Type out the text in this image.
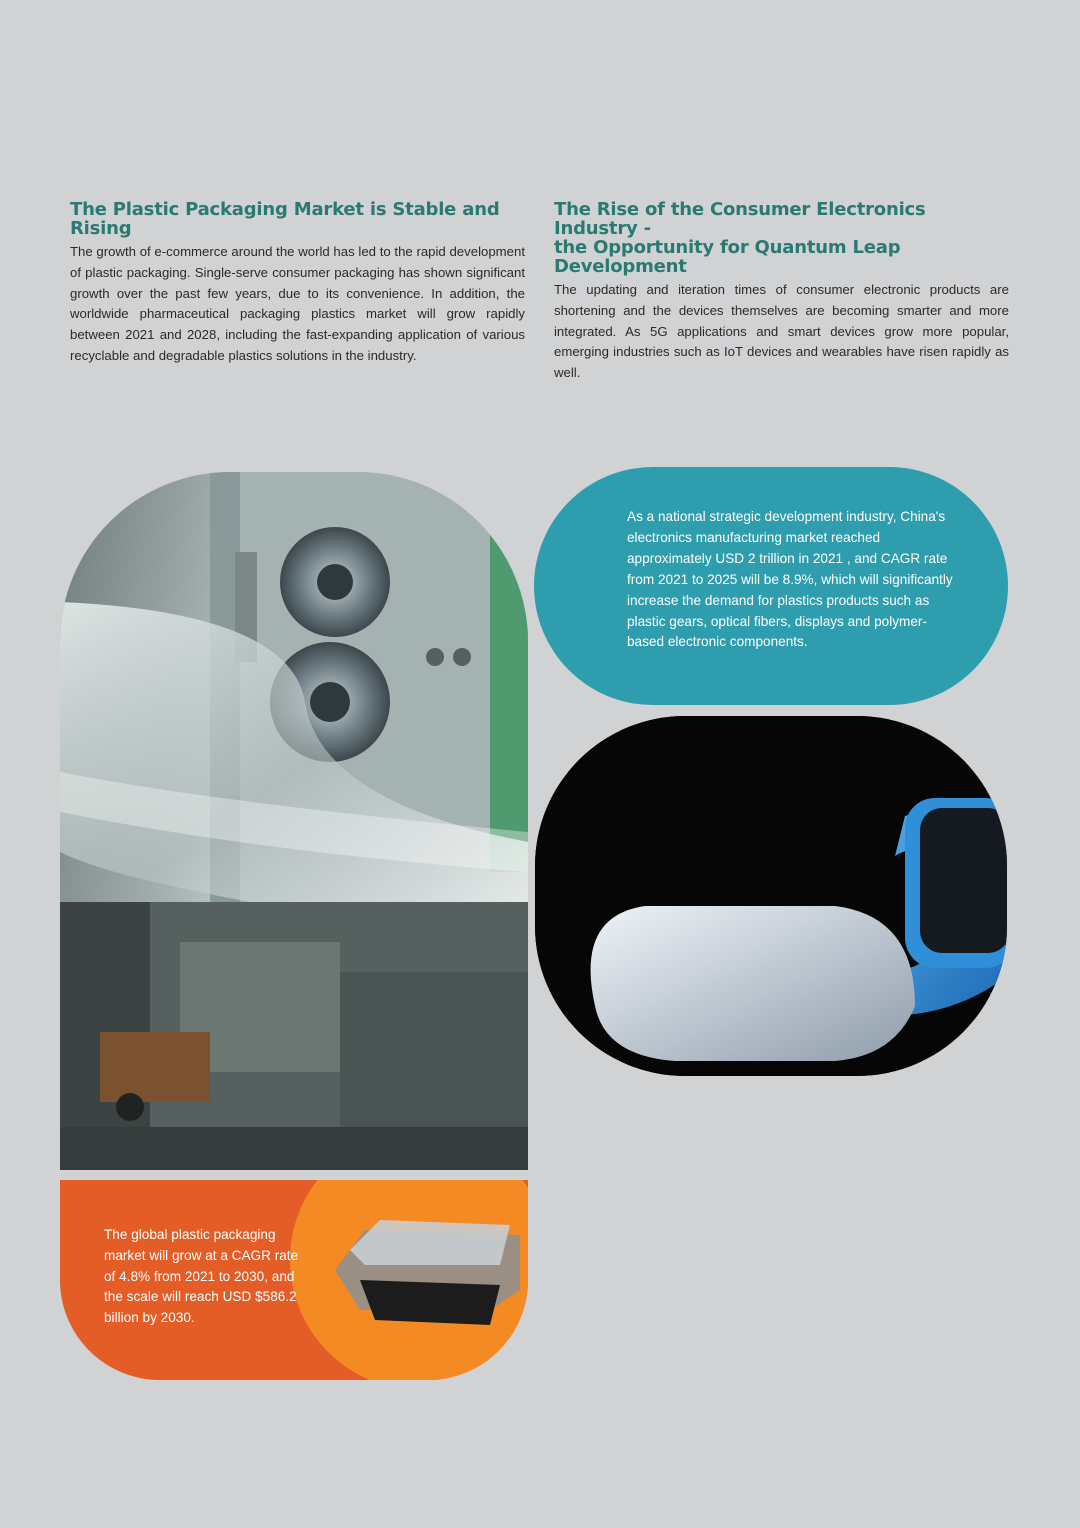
The Plastic Packaging Market is Stable and Rising

The growth of e-commerce around the world has led to the rapid development of plastic packaging. Single-serve consumer packaging has shown significant growth over the past few years, due to its convenience. In addition, the worldwide pharmaceutical packaging plastics market will grow rapidly between 2021 and 2028, including the fast-expanding application of various recyclable and degradable plastics solutions in the industry.

The Rise of the Consumer Electronics Industry -
the Opportunity for Quantum Leap Development

The updating and iteration times of consumer electronic products are shortening and the devices themselves are becoming smarter and more integrated. As 5G applications and smart devices grow more popular, emerging industries such as IoT devices and wearables have risen rapidly as well.

As a national strategic development industry, China's electronics manufacturing market reached approximately USD 2 trillion in 2021 , and CAGR rate from 2021 to 2025 will be 8.9%, which will significantly increase the demand for plastics products such as plastic gears, optical fibers, displays and polymer-based electronic components.

The global plastic packaging market will grow at a CAGR rate of 4.8% from 2021 to 2030, and the scale will reach USD $586.2 billion by 2030.
